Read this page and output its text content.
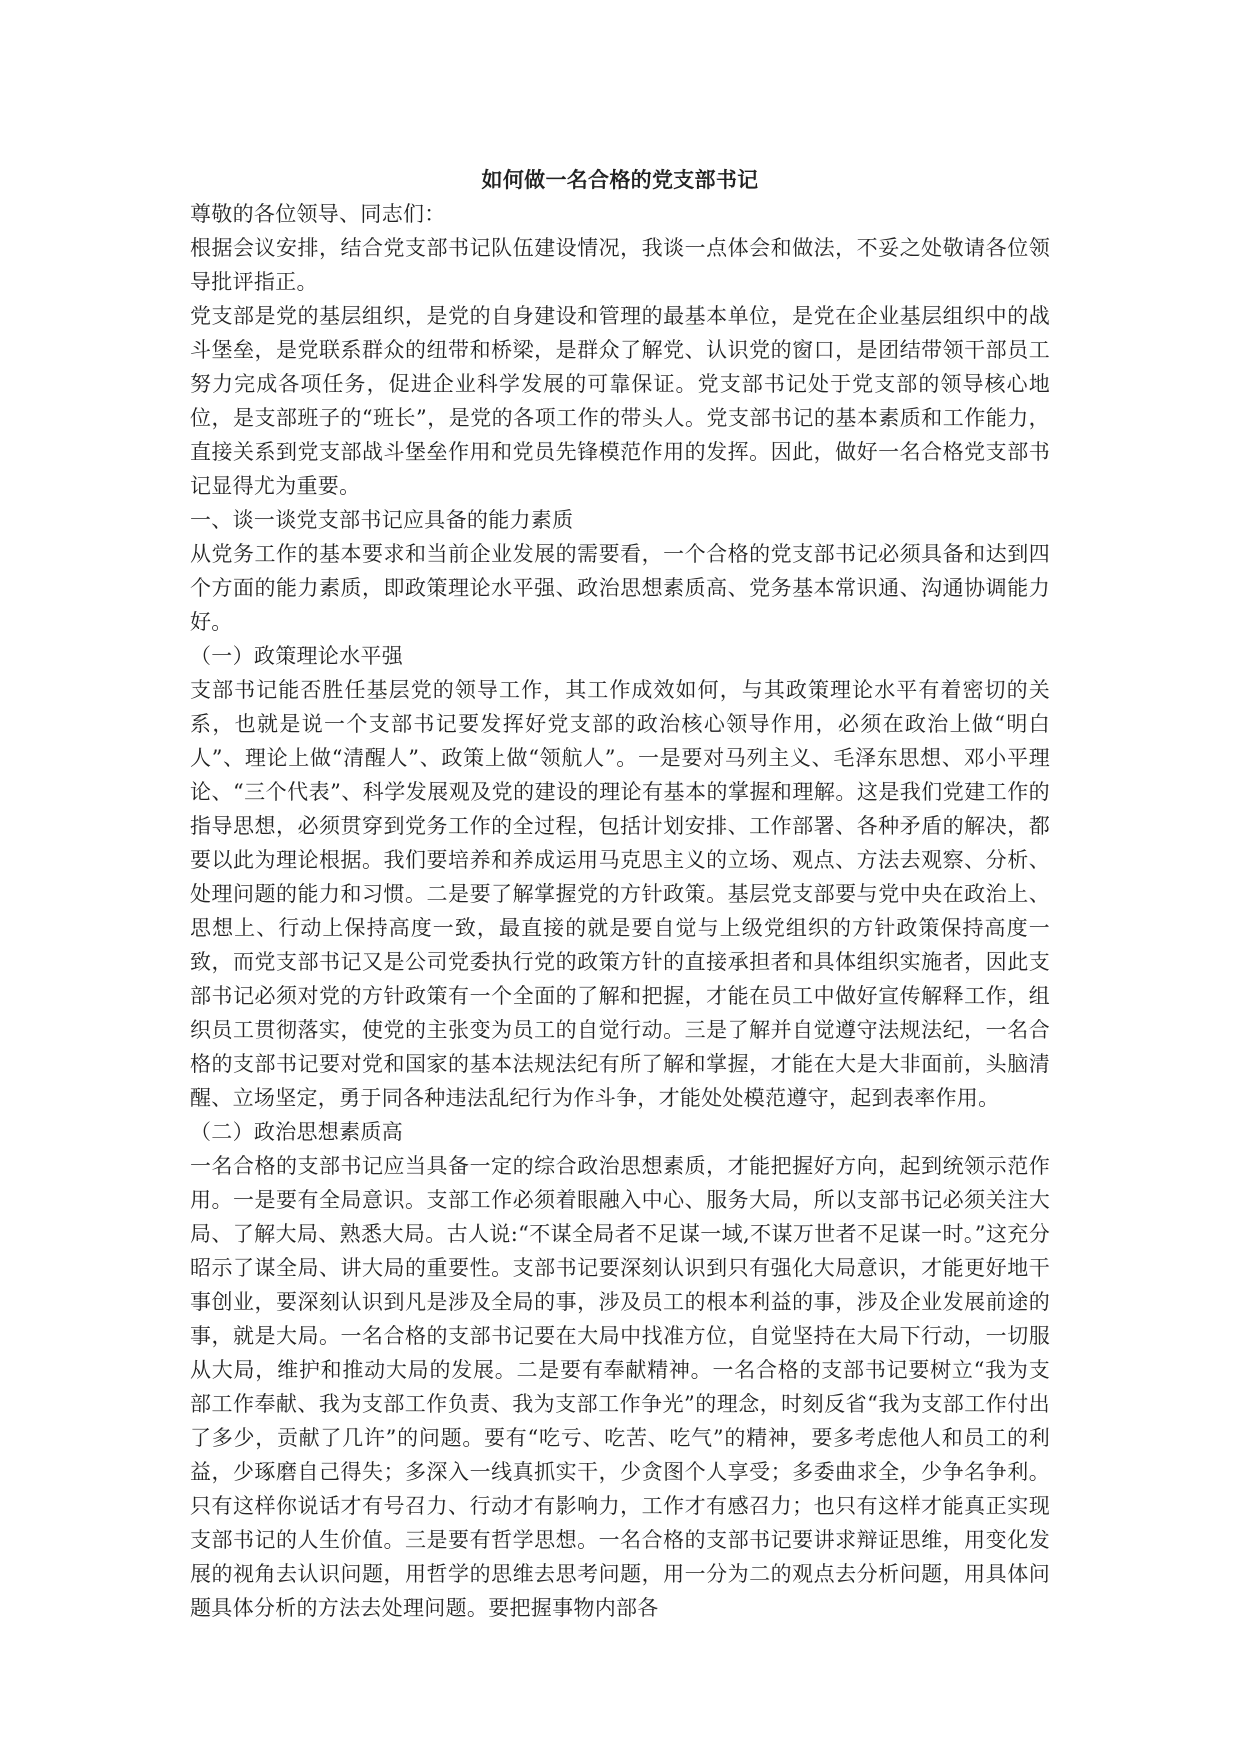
如何做一名合格的党支部书记

尊敬的各位领导、同志们：

根据会议安排，结合党支部书记队伍建设情况，我谈一点体会和做法，不妥之处敬请各位领导批评指正。

党支部是党的基层组织，是党的自身建设和管理的最基本单位，是党在企业基层组织中的战斗堡垒，是党联系群众的纽带和桥梁，是群众了解党、认识党的窗口，是团结带领干部员工努力完成各项任务，促进企业科学发展的可靠保证。党支部书记处于党支部的领导核心地位，是支部班子的“班长”，是党的各项工作的带头人。党支部书记的基本素质和工作能力，直接关系到党支部战斗堡垒作用和党员先锋模范作用的发挥。因此，做好一名合格党支部书记显得尤为重要。

一、谈一谈党支部书记应具备的能力素质

从党务工作的基本要求和当前企业发展的需要看，一个合格的党支部书记必须具备和达到四个方面的能力素质，即政策理论水平强、政治思想素质高、党务基本常识通、沟通协调能力好。

（一）政策理论水平强

支部书记能否胜任基层党的领导工作，其工作成效如何，与其政策理论水平有着密切的关系，也就是说一个支部书记要发挥好党支部的政治核心领导作用，必须在政治上做“明白人”、理论上做“清醒人”、政策上做“领航人”。一是要对马列主义、毛泽东思想、邓小平理论、“三个代表”、科学发展观及党的建设的理论有基本的掌握和理解。这是我们党建工作的指导思想，必须贯穿到党务工作的全过程，包括计划安排、工作部署、各种矛盾的解决，都要以此为理论根据。我们要培养和养成运用马克思主义的立场、观点、方法去观察、分析、处理问题的能力和习惯。二是要了解掌握党的方针政策。基层党支部要与党中央在政治上、思想上、行动上保持高度一致，最直接的就是要自觉与上级党组织的方针政策保持高度一致，而党支部书记又是公司党委执行党的政策方针的直接承担者和具体组织实施者，因此支部书记必须对党的方针政策有一个全面的了解和把握，才能在员工中做好宣传解释工作，组织员工贯彻落实，使党的主张变为员工的自觉行动。三是了解并自觉遵守法规法纪，一名合格的支部书记要对党和国家的基本法规法纪有所了解和掌握，才能在大是大非面前，头脑清醒、立场坚定，勇于同各种违法乱纪行为作斗争，才能处处模范遵守，起到表率作用。

（二）政治思想素质高

一名合格的支部书记应当具备一定的综合政治思想素质，才能把握好方向，起到统领示范作用。一是要有全局意识。支部工作必须着眼融入中心、服务大局，所以支部书记必须关注大局、了解大局、熟悉大局。古人说:“不谋全局者不足谋一域,不谋万世者不足谋一时。”这充分昭示了谋全局、讲大局的重要性。支部书记要深刻认识到只有强化大局意识，才能更好地干事创业，要深刻认识到凡是涉及全局的事，涉及员工的根本利益的事，涉及企业发展前途的事，就是大局。一名合格的支部书记要在大局中找准方位，自觉坚持在大局下行动，一切服从大局，维护和推动大局的发展。二是要有奉献精神。一名合格的支部书记要树立“我为支部工作奉献、我为支部工作负责、我为支部工作争光”的理念，时刻反省“我为支部工作付出了多少，贡献了几许”的问题。要有“吃亏、吃苦、吃气”的精神，要多考虑他人和员工的利益，少琢磨自己得失；多深入一线真抓实干，少贪图个人享受；多委曲求全，少争名争利。只有这样你说话才有号召力、行动才有影响力，工作才有感召力；也只有这样才能真正实现支部书记的人生价值。三是要有哲学思想。一名合格的支部书记要讲求辩证思维，用变化发展的视角去认识问题，用哲学的思维去思考问题，用一分为二的观点去分析问题，用具体问题具体分析的方法去处理问题。要把握事物内部各
